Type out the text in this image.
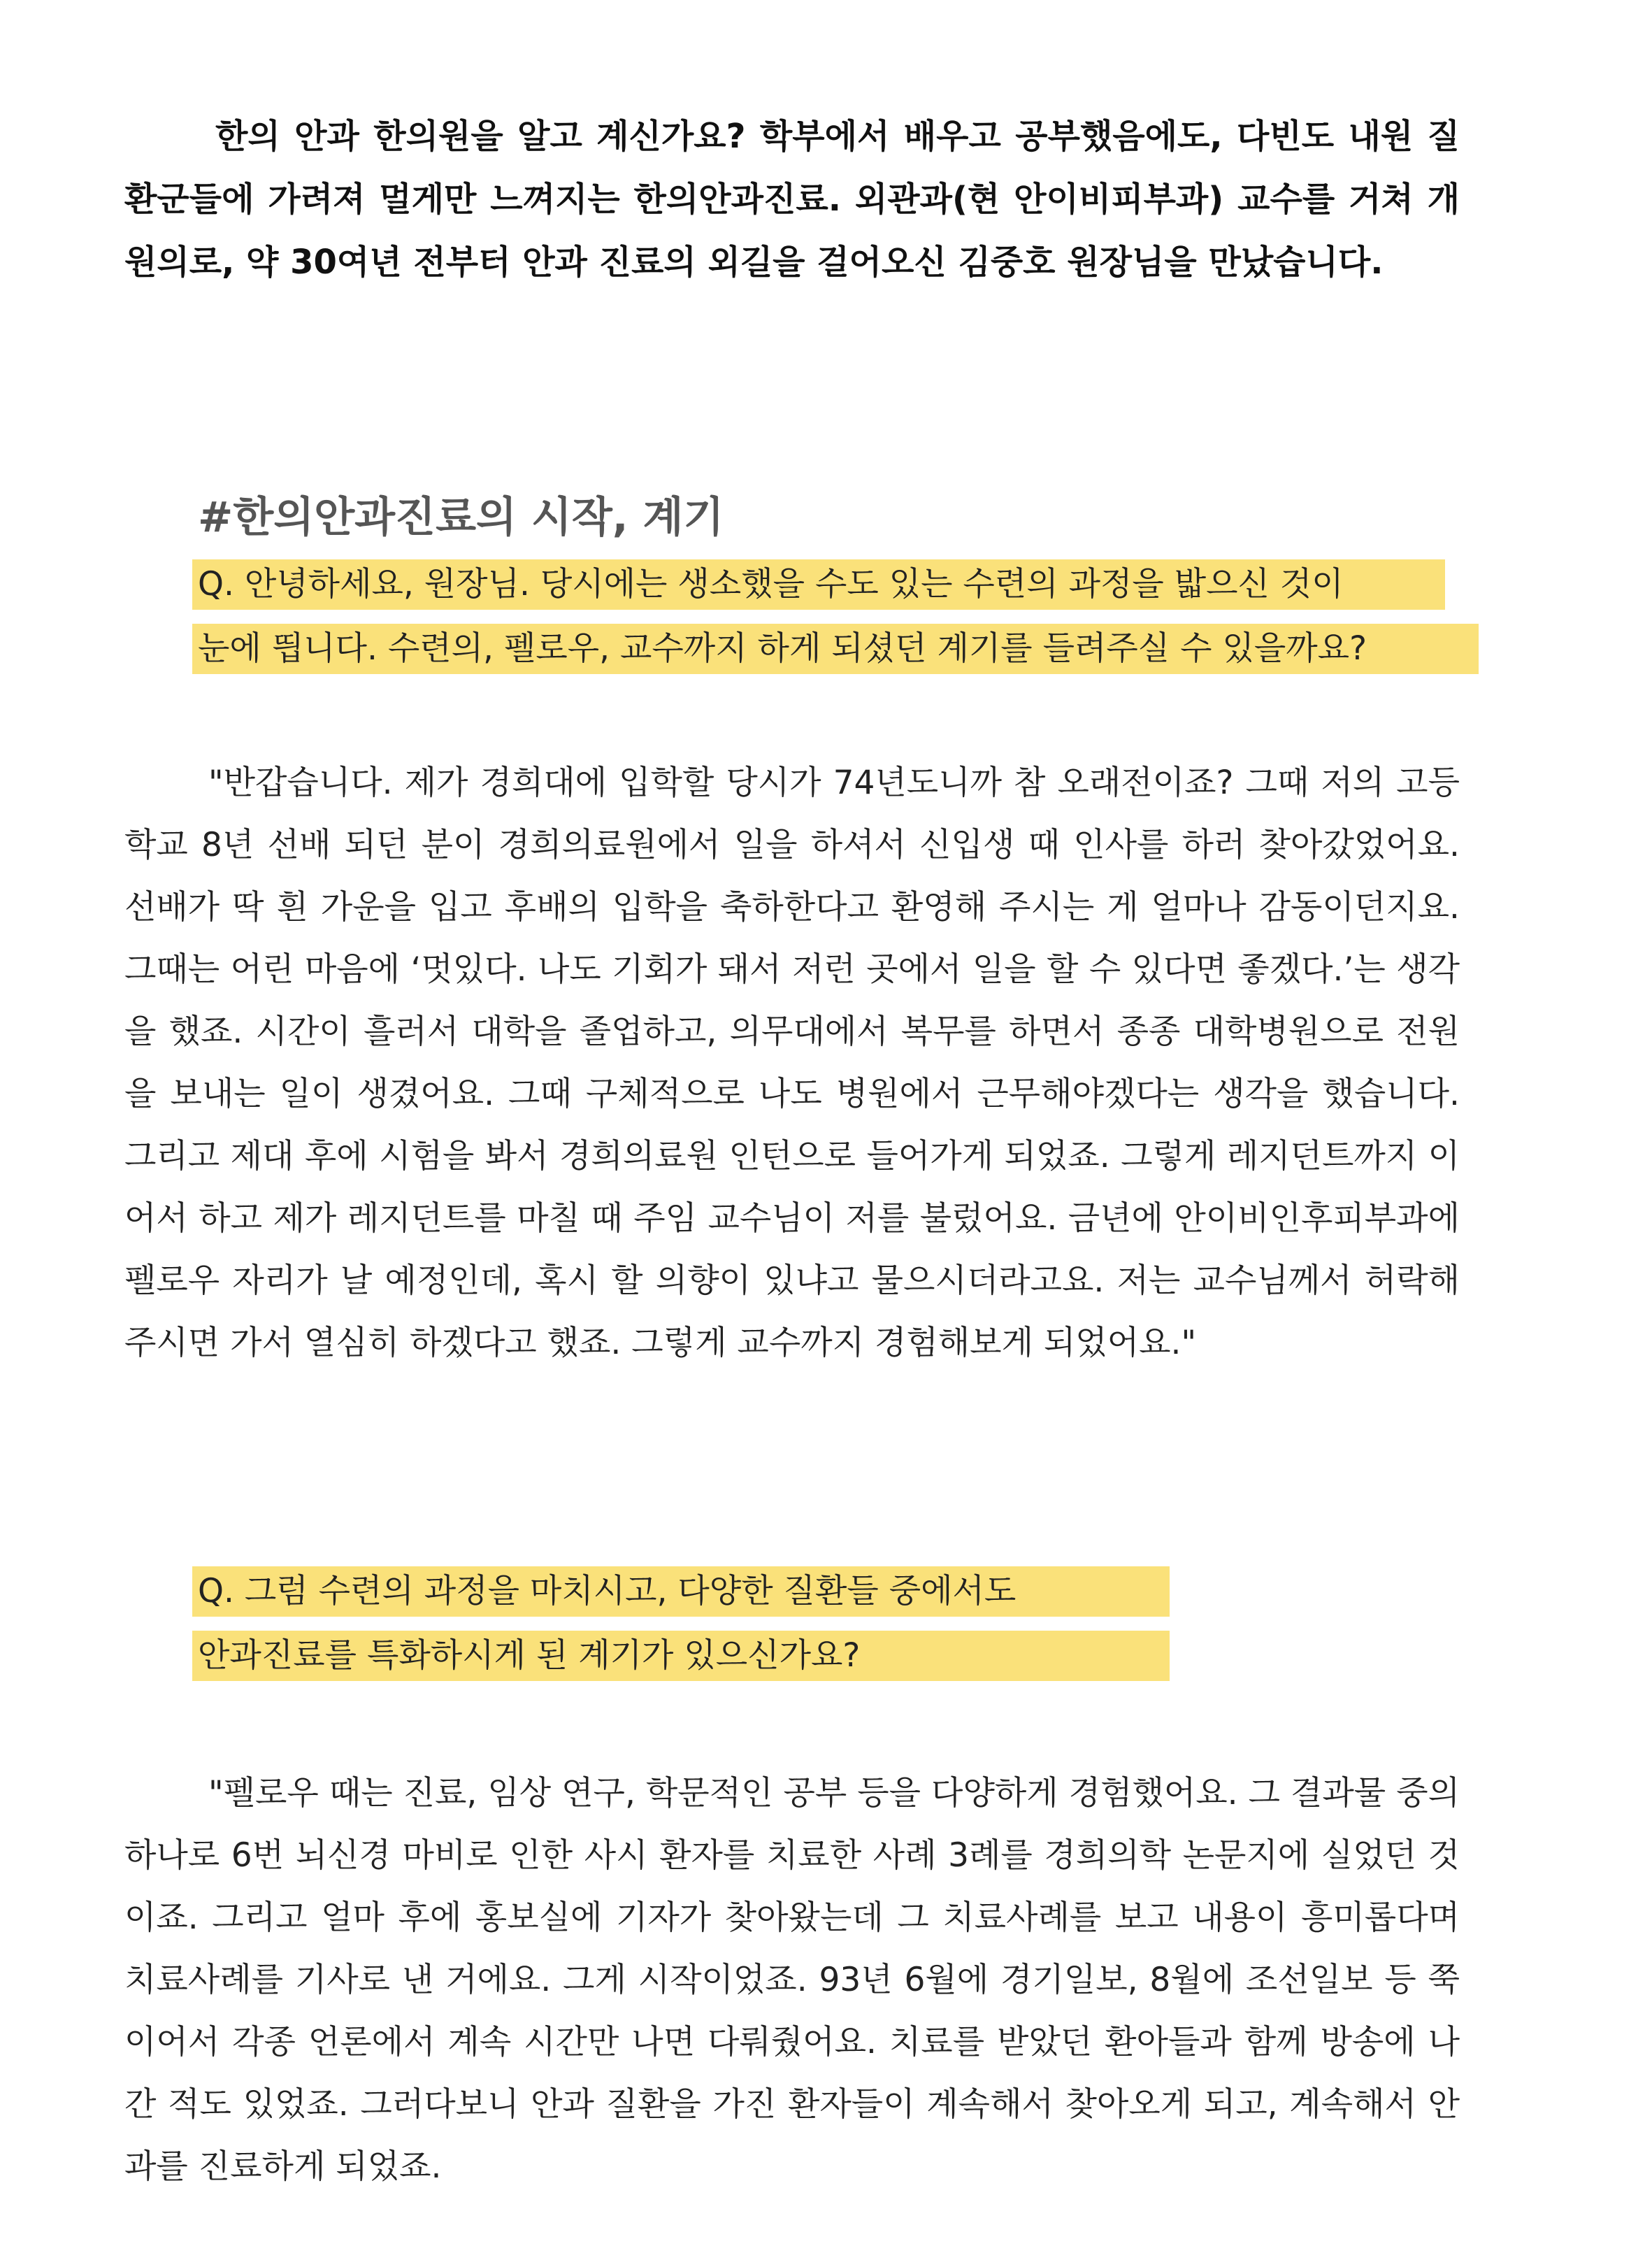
한의 안과 한의원을 알고 계신가요? 학부에서 배우고 공부했음에도, 다빈도 내원 질환군들에 가려져 멀게만 느껴지는 한의안과진료. 외관과(현 안이비피부과) 교수를 거쳐 개원의로, 약 30여년 전부터 안과 진료의 외길을 걸어오신 김중호 원장님을 만났습니다.

#한의안과진료의 시작, 계기
Q. 안녕하세요, 원장님. 당시에는 생소했을 수도 있는 수련의 과정을 밟으신 것이
눈에 띕니다. 수련의, 펠로우, 교수까지 하게 되셨던 계기를 들려주실 수 있을까요?

"반갑습니다. 제가 경희대에 입학할 당시가 74년도니까 참 오래전이죠? 그때 저의 고등학교 8년 선배 되던 분이 경희의료원에서 일을 하셔서 신입생 때 인사를 하러 찾아갔었어요. 선배가 딱 흰 가운을 입고 후배의 입학을 축하한다고 환영해 주시는 게 얼마나 감동이던지요. 그때는 어린 마음에 ‘멋있다. 나도 기회가 돼서 저런 곳에서 일을 할 수 있다면 좋겠다.’는 생각을 했죠. 시간이 흘러서 대학을 졸업하고, 의무대에서 복무를 하면서 종종 대학병원으로 전원을 보내는 일이 생겼어요. 그때 구체적으로 나도 병원에서 근무해야겠다는 생각을 했습니다. 그리고 제대 후에 시험을 봐서 경희의료원 인턴으로 들어가게 되었죠. 그렇게 레지던트까지 이어서 하고 제가 레지던트를 마칠 때 주임 교수님이 저를 불렀어요. 금년에 안이비인후피부과에 펠로우 자리가 날 예정인데, 혹시 할 의향이 있냐고 물으시더라고요. 저는 교수님께서 허락해주시면 가서 열심히 하겠다고 했죠. 그렇게 교수까지 경험해보게 되었어요."

Q. 그럼 수련의 과정을 마치시고, 다양한 질환들 중에서도
안과진료를 특화하시게 된 계기가 있으신가요?

"펠로우 때는 진료, 임상 연구, 학문적인 공부 등을 다양하게 경험했어요. 그 결과물 중의 하나로 6번 뇌신경 마비로 인한 사시 환자를 치료한 사례 3례를 경희의학 논문지에 실었던 것이죠. 그리고 얼마 후에 홍보실에 기자가 찾아왔는데 그 치료사례를 보고 내용이 흥미롭다며 치료사례를 기사로 낸 거에요. 그게 시작이었죠. 93년 6월에 경기일보, 8월에 조선일보 등 쭉 이어서 각종 언론에서 계속 시간만 나면 다뤄줬어요. 치료를 받았던 환아들과 함께 방송에 나간 적도 있었죠. 그러다보니 안과 질환을 가진 환자들이 계속해서 찾아오게 되고, 계속해서 안과를 진료하게 되었죠.
